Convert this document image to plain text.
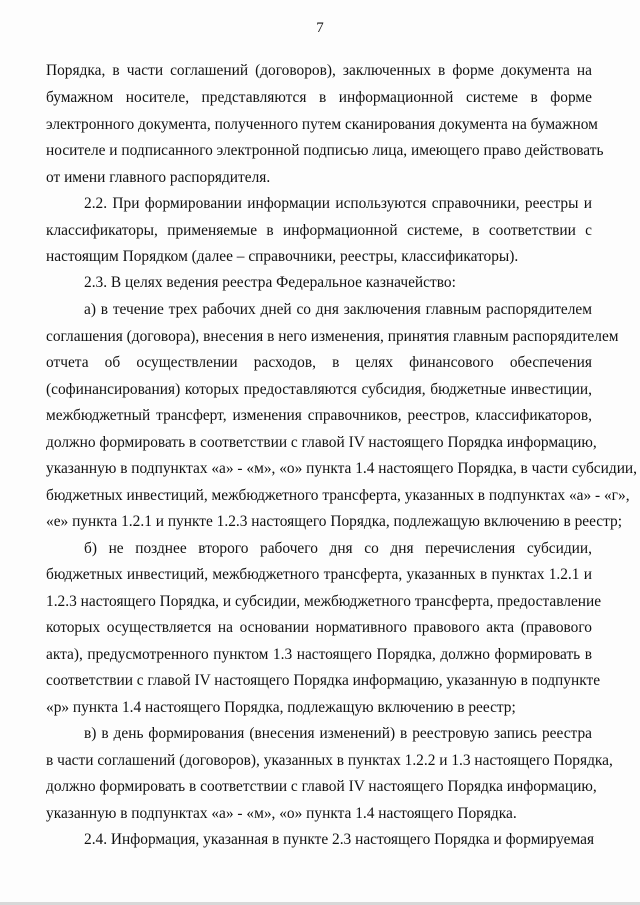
7
Порядка, в части соглашений (договоров), заключенных в форме документа на
бумажном носителе, представляются в информационной системе в форме
электронного документа, полученного путем сканирования документа на бумажном
носителе и подписанного электронной подписью лица, имеющего право действовать
от имени главного распорядителя.
2.2. При формировании информации используются справочники, реестры и
классификаторы, применяемые в информационной системе, в соответствии с
настоящим Порядком (далее – справочники, реестры, классификаторы).
2.3. В целях ведения реестра Федеральное казначейство:
а) в течение трех рабочих дней со дня заключения главным распорядителем
соглашения (договора), внесения в него изменения, принятия главным распорядителем
отчета об осуществлении расходов, в целях финансового обеспечения
(софинансирования) которых предоставляются субсидия, бюджетные инвестиции,
межбюджетный трансферт, изменения справочников, реестров, классификаторов,
должно формировать в соответствии с главой IV настоящего Порядка информацию,
указанную в подпунктах «а» - «м», «о» пункта 1.4 настоящего Порядка, в части субсидии,
бюджетных инвестиций, межбюджетного трансферта, указанных в подпунктах «а» - «г»,
«е» пункта 1.2.1 и пункте 1.2.3 настоящего Порядка, подлежащую включению в реестр;
б) не позднее второго рабочего дня со дня перечисления субсидии,
бюджетных инвестиций, межбюджетного трансферта, указанных в пунктах 1.2.1 и
1.2.3 настоящего Порядка, и субсидии, межбюджетного трансферта, предоставление
которых осуществляется на основании нормативного правового акта (правового
акта), предусмотренного пунктом 1.3 настоящего Порядка, должно формировать в
соответствии с главой IV настоящего Порядка информацию, указанную в подпункте
«р» пункта 1.4 настоящего Порядка, подлежащую включению в реестр;
в) в день формирования (внесения изменений) в реестровую запись реестра
в части соглашений (договоров), указанных в пунктах 1.2.2 и 1.3 настоящего Порядка,
должно формировать в соответствии с главой IV настоящего Порядка информацию,
указанную в подпунктах «а» - «м», «о» пункта 1.4 настоящего Порядка.
2.4. Информация, указанная в пункте 2.3 настоящего Порядка и формируемая
